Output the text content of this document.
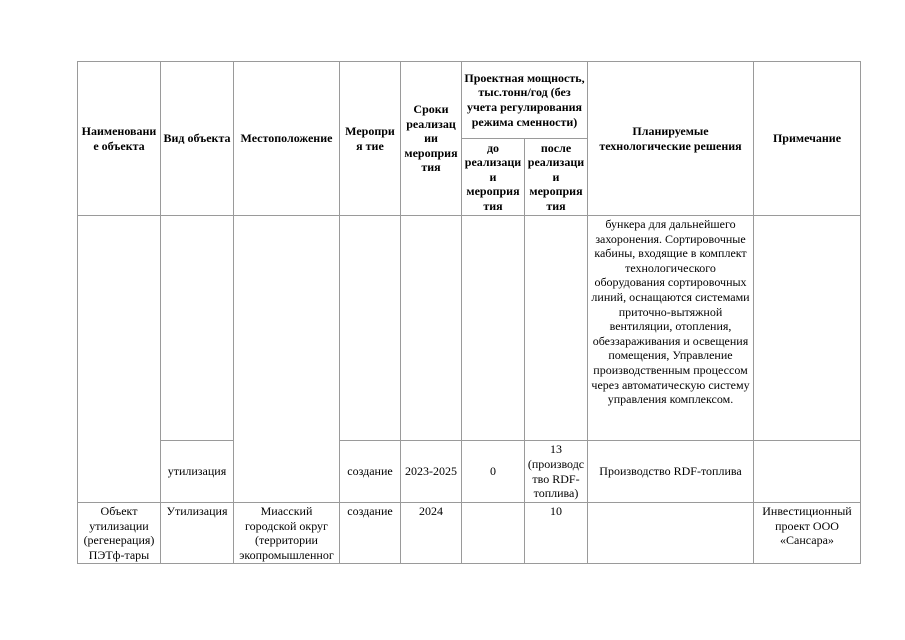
Наименовани е объекта	Вид объекта	Местоположение	Мероприя тие	Сроки реализац ии мероприя тия	Проектная мощность, тыс.тонн/год (без учета регулирования режима сменности)		Планируемые технологические решения	Примечание
					до реализаци и мероприя тия	после реализаци и мероприя тия		
							бункера для дальнейшего захоронения. Сортировочные кабины, входящие в комплект технологического оборудования сортировочных линий, оснащаются системами приточно-вытяжной вентиляции, отопления, обеззараживания и освещения помещения, Управление производственным процессом через автоматическую систему управления комплексом.	
	утилизация		создание	2023-2025	0	13 (производс тво RDF-топлива)	Производство RDF-топлива	
Объект утилизации (регенерация) ПЭТф-тары	Утилизация	Миасский городской округ (территории экопромышленног	создание	2024		10		Инвестиционный проект ООО «Сансара»
